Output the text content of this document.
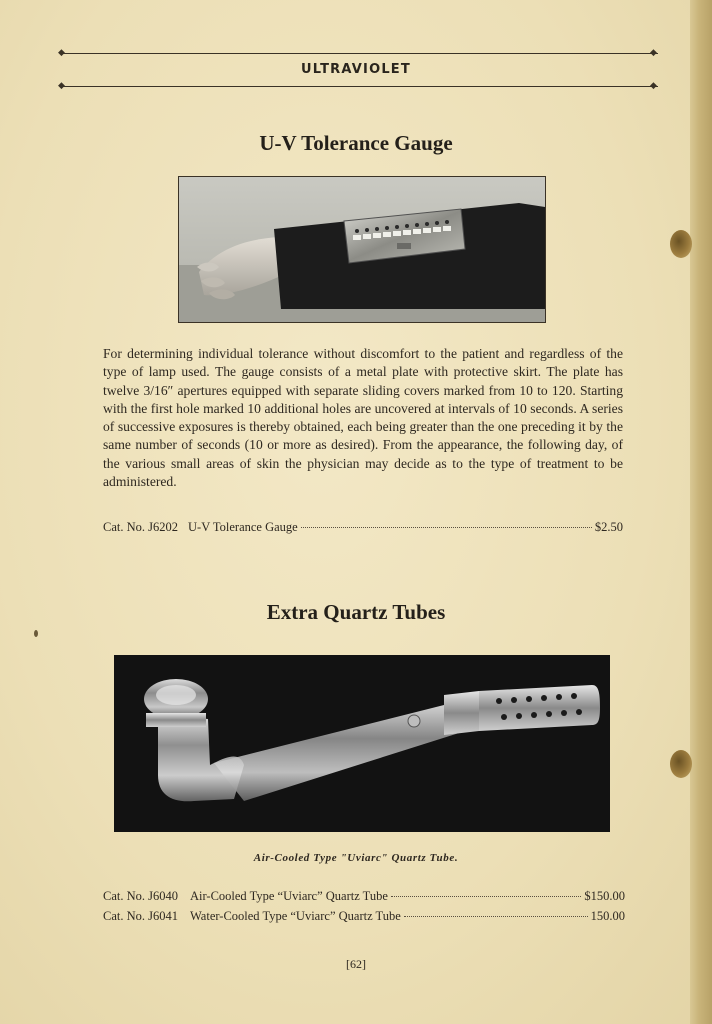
◆	◆
ULTRAVIOLET
◆	◆
U-V Tolerance Gauge
For determining individual tolerance without discomfort to the patient and regardless of the type of lamp used. The gauge consists of a metal plate with protective skirt. The plate has twelve 3/16″ apertures equipped with separate sliding covers marked from 10 to 120. Starting with the first hole marked 10 additional holes are uncovered at intervals of 10 seconds. A series of successive exposures is thereby obtained, each being greater than the one preceding it by the same number of seconds (10 or more as desired). From the appearance, the following day, of the various small areas of skin the physician may decide as to the type of treatment to be administered.
Cat. No. J6202 U-V Tolerance Gauge	$2.50
Extra Quartz Tubes
Air-Cooled Type "Uviarc" Quartz Tube.
Cat. No. J6040 Air-Cooled Type “Uviarc” Quartz Tube	$150.00
Cat. No. J6041 Water-Cooled Type “Uviarc” Quartz Tube	150.00
[62]
